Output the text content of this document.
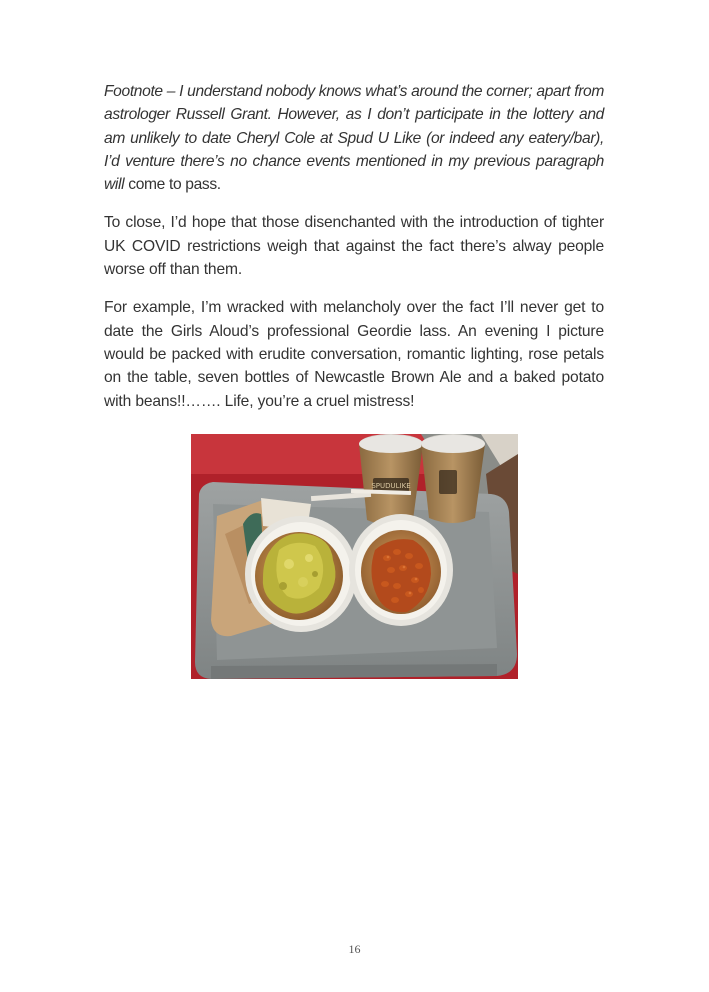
Footnote – I understand nobody knows what’s around the corner; apart from astrologer Russell Grant. However, as I don’t participate in the lottery and am unlikely to date Cheryl Cole at Spud U Like (or indeed any eatery/bar), I’d venture there’s no chance events mentioned in my previous paragraph will come to pass.

To close, I’d hope that those disenchanted with the introduction of tighter UK COVID restrictions weigh that against the fact there’s alway people worse off than them.

For example, I’m wracked with melancholy over the fact I’ll never get to date the Girls Aloud’s professional Geordie lass. An evening I picture would be packed with erudite conversation, romantic lighting, rose petals on the table, seven bottles of Newcastle Brown Ale and a baked potato with beans!!……. Life, you’re a cruel mistress!

SPUDULIKE
16
